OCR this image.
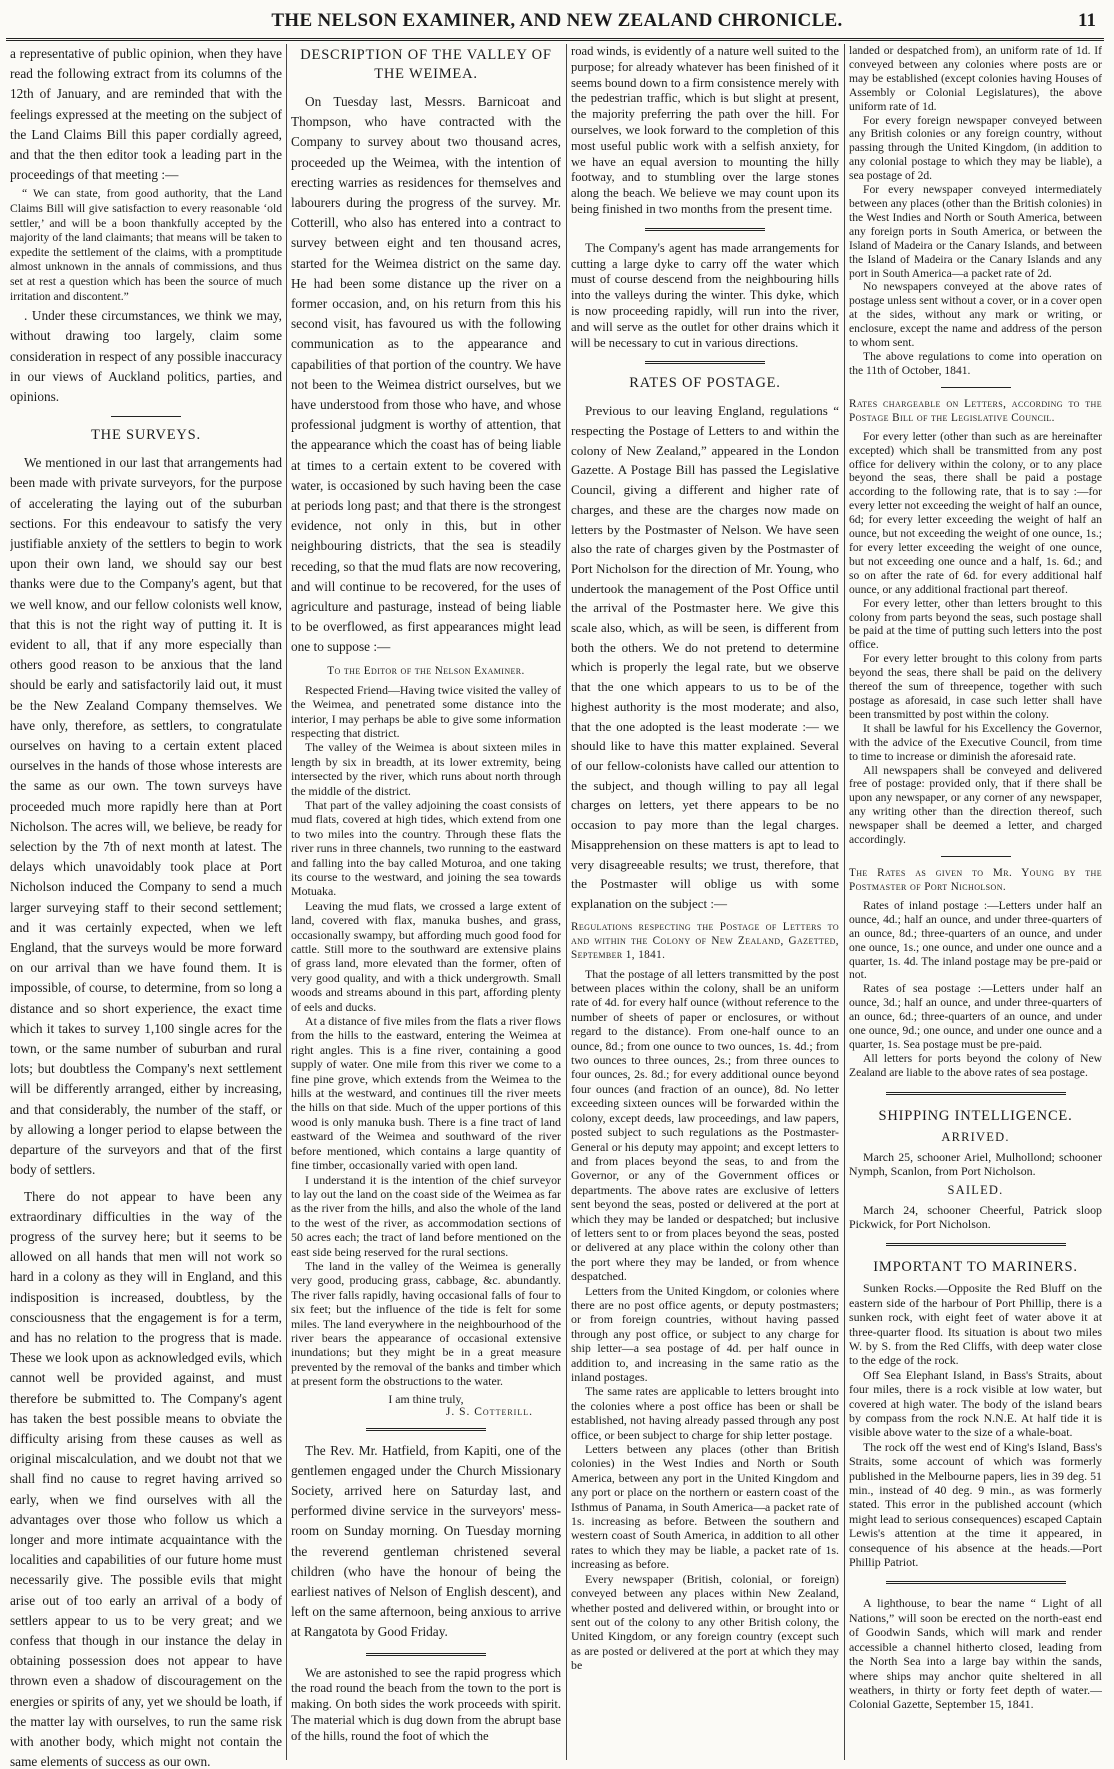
THE NELSON EXAMINER, AND NEW ZEALAND CHRONICLE.	11

a representative of public opinion, when they have read the following extract from its columns of the 12th of January, and are reminded that with the feelings expressed at the meeting on the subject of the Land Claims Bill this paper cordially agreed, and that the then editor took a leading part in the proceedings of that meeting :—

“ We can state, from good authority, that the Land Claims Bill will give satisfaction to every reasonable ‘old settler,’ and will be a boon thankfully accepted by the majority of the land claimants; that means will be taken to expedite the settlement of the claims, with a promptitude almost unknown in the annals of commissions, and thus set at rest a question which has been the source of much irritation and discontent.”

. Under these circumstances, we think we may, without drawing too largely, claim some consideration in respect of any possible inaccuracy in our views of Auckland politics, parties, and opinions.

THE SURVEYS.

We mentioned in our last that arrangements had been made with private surveyors, for the purpose of accelerating the laying out of the suburban sections. For this endeavour to satisfy the very justifiable anxiety of the settlers to begin to work upon their own land, we should say our best thanks were due to the Company's agent, but that we well know, and our fellow colonists well know, that this is not the right way of putting it. It is evident to all, that if any more especially than others good reason to be anxious that the land should be early and satisfactorily laid out, it must be the New Zealand Company themselves. We have only, therefore, as settlers, to congratulate ourselves on having to a certain extent placed ourselves in the hands of those whose interests are the same as our own. The town surveys have proceeded much more rapidly here than at Port Nicholson. The acres will, we believe, be ready for selection by the 7th of next month at latest. The delays which unavoidably took place at Port Nicholson induced the Company to send a much larger surveying staff to their second settlement; and it was certainly expected, when we left England, that the surveys would be more forward on our arrival than we have found them. It is impossible, of course, to determine, from so long a distance and so short experience, the exact time which it takes to survey 1,100 single acres for the town, or the same number of suburban and rural lots; but doubtless the Company's next settlement will be differently arranged, either by increasing, and that considerably, the number of the staff, or by allowing a longer period to elapse between the departure of the surveyors and that of the first body of settlers.

There do not appear to have been any extraordinary difficulties in the way of the progress of the survey here; but it seems to be allowed on all hands that men will not work so hard in a colony as they will in England, and this indisposition is increased, doubtless, by the consciousness that the engagement is for a term, and has no relation to the progress that is made. These we look upon as acknowledged evils, which cannot well be provided against, and must therefore be submitted to. The Company's agent has taken the best possible means to obviate the difficulty arising from these causes as well as original miscalculation, and we doubt not that we shall find no cause to regret having arrived so early, when we find ourselves with all the advantages over those who follow us which a longer and more intimate acquaintance with the localities and capabilities of our future home must necessarily give. The possible evils that might arise out of too early an arrival of a body of settlers appear to us to be very great; and we confess that though in our instance the delay in obtaining possession does not appear to have thrown even a shadow of discouragement on the energies or spirits of any, yet we should be loath, if the matter lay with ourselves, to run the same risk with another body, which might not contain the same elements of success as our own.

DESCRIPTION OF THE VALLEY OF THE WEIMEA.

On Tuesday last, Messrs. Barnicoat and Thompson, who have contracted with the Company to survey about two thousand acres, proceeded up the Weimea, with the intention of erecting warries as residences for themselves and labourers during the progress of the survey. Mr. Cotterill, who also has entered into a contract to survey between eight and ten thousand acres, started for the Weimea district on the same day. He had been some distance up the river on a former occasion, and, on his return from this his second visit, has favoured us with the following communication as to the appearance and capabilities of that portion of the country. We have not been to the Weimea district ourselves, but we have understood from those who have, and whose professional judgment is worthy of attention, that the appearance which the coast has of being liable at times to a certain extent to be covered with water, is occasioned by such having been the case at periods long past; and that there is the strongest evidence, not only in this, but in other neighbouring districts, that the sea is steadily receding, so that the mud flats are now recovering, and will continue to be recovered, for the uses of agriculture and pasturage, instead of being liable to be overflowed, as first appearances might lead one to suppose :—

To the Editor of the Nelson Examiner.

Respected Friend—Having twice visited the valley of the Weimea, and penetrated some distance into the interior, I may perhaps be able to give some information respecting that district.

The valley of the Weimea is about sixteen miles in length by six in breadth, at its lower extremity, being intersected by the river, which runs about north through the middle of the district.

That part of the valley adjoining the coast consists of mud flats, covered at high tides, which extend from one to two miles into the country. Through these flats the river runs in three channels, two running to the eastward and falling into the bay called Moturoa, and one taking its course to the westward, and joining the sea towards Motuaka.

Leaving the mud flats, we crossed a large extent of land, covered with flax, manuka bushes, and grass, occasionally swampy, but affording much good food for cattle. Still more to the southward are extensive plains of grass land, more elevated than the former, often of very good quality, and with a thick undergrowth. Small woods and streams abound in this part, affording plenty of eels and ducks.

At a distance of five miles from the flats a river flows from the hills to the eastward, entering the Weimea at right angles. This is a fine river, containing a good supply of water. One mile from this river we come to a fine pine grove, which extends from the Weimea to the hills at the westward, and continues till the river meets the hills on that side. Much of the upper portions of this wood is only manuka bush. There is a fine tract of land eastward of the Weimea and southward of the river before mentioned, which contains a large quantity of fine timber, occasionally varied with open land.

I understand it is the intention of the chief surveyor to lay out the land on the coast side of the Weimea as far as the river from the hills, and also the whole of the land to the west of the river, as accommodation sections of 50 acres each; the tract of land before mentioned on the east side being reserved for the rural sections.

The land in the valley of the Weimea is generally very good, producing grass, cabbage, &c. abundantly. The river falls rapidly, having occasional falls of four to six feet; but the influence of the tide is felt for some miles. The land everywhere in the neighbourhood of the river bears the appearance of occasional extensive inundations; but they might be in a great measure prevented by the removal of the banks and timber which at present form the obstructions to the water.

I am thine truly,
J. S. Cotterill.

The Rev. Mr. Hatfield, from Kapiti, one of the gentlemen engaged under the Church Missionary Society, arrived here on Saturday last, and performed divine service in the surveyors' mess-room on Sunday morning. On Tuesday morning the reverend gentleman christened several children (who have the honour of being the earliest natives of Nelson of English descent), and left on the same afternoon, being anxious to arrive at Rangatota by Good Friday.

We are astonished to see the rapid progress which the road round the beach from the town to the port is making. On both sides the work proceeds with spirit. The material which is dug down from the abrupt base of the hills, round the foot of which the

road winds, is evidently of a nature well suited to the purpose; for already whatever has been finished of it seems bound down to a firm consistence merely with the pedestrian traffic, which is but slight at present, the majority preferring the path over the hill. For ourselves, we look forward to the completion of this most useful public work with a selfish anxiety, for we have an equal aversion to mounting the hilly footway, and to stumbling over the large stones along the beach. We believe we may count upon its being finished in two months from the present time.

The Company's agent has made arrangements for cutting a large dyke to carry off the water which must of course descend from the neighbouring hills into the valleys during the winter. This dyke, which is now proceeding rapidly, will run into the river, and will serve as the outlet for other drains which it will be necessary to cut in various directions.

RATES OF POSTAGE.

Previous to our leaving England, regulations “ respecting the Postage of Letters to and within the colony of New Zealand,” appeared in the London Gazette. A Postage Bill has passed the Legislative Council, giving a different and higher rate of charges, and these are the charges now made on letters by the Postmaster of Nelson. We have seen also the rate of charges given by the Postmaster of Port Nicholson for the direction of Mr. Young, who undertook the management of the Post Office until the arrival of the Postmaster here. We give this scale also, which, as will be seen, is different from both the others. We do not pretend to determine which is properly the legal rate, but we observe that the one which appears to us to be of the highest authority is the most moderate; and also, that the one adopted is the least moderate :— we should like to have this matter explained. Several of our fellow-colonists have called our attention to the subject, and though willing to pay all legal charges on letters, yet there appears to be no occasion to pay more than the legal charges. Misapprehension on these matters is apt to lead to very disagreeable results; we trust, therefore, that the Postmaster will oblige us with some explanation on the subject :—

Regulations respecting the Postage of Letters to and within the Colony of New Zealand, Gazetted, September 1, 1841.

That the postage of all letters transmitted by the post between places within the colony, shall be an uniform rate of 4d. for every half ounce (without reference to the number of sheets of paper or enclosures, or without regard to the distance). From one-half ounce to an ounce, 8d.; from one ounce to two ounces, 1s. 4d.; from two ounces to three ounces, 2s.; from three ounces to four ounces, 2s. 8d.; for every additional ounce beyond four ounces (and fraction of an ounce), 8d. No letter exceeding sixteen ounces will be forwarded within the colony, except deeds, law proceedings, and law papers, posted subject to such regulations as the Postmaster-General or his deputy may appoint; and except letters to and from places beyond the seas, to and from the Governor, or any of the Government offices or departments. The above rates are exclusive of letters sent beyond the seas, posted or delivered at the port at which they may be landed or despatched; but inclusive of letters sent to or from places beyond the seas, posted or delivered at any place within the colony other than the port where they may be landed, or from whence despatched.

Letters from the United Kingdom, or colonies where there are no post office agents, or deputy postmasters; or from foreign countries, without having passed through any post office, or subject to any charge for ship letter—a sea postage of 4d. per half ounce in addition to, and increasing in the same ratio as the inland postages.

The same rates are applicable to letters brought into the colonies where a post office has been or shall be established, not having already passed through any post office, or been subject to charge for ship letter postage.

Letters between any places (other than British colonies) in the West Indies and North or South America, between any port in the United Kingdom and any port or place on the northern or eastern coast of the Isthmus of Panama, in South America—a packet rate of 1s. increasing as before. Between the southern and western coast of South America, in addition to all other rates to which they may be liable, a packet rate of 1s. increasing as before.

Every newspaper (British, colonial, or foreign) conveyed between any places within New Zealand, whether posted and delivered within, or brought into or sent out of the colony to any other British colony, the United Kingdom, or any foreign country (except such as are posted or delivered at the port at which they may be

landed or despatched from), an uniform rate of 1d. If conveyed between any colonies where posts are or may be established (except colonies having Houses of Assembly or Colonial Legislatures), the above uniform rate of 1d.

For every foreign newspaper conveyed between any British colonies or any foreign country, without passing through the United Kingdom, (in addition to any colonial postage to which they may be liable), a sea postage of 2d.

For every newspaper conveyed intermediately between any places (other than the British colonies) in the West Indies and North or South America, between any foreign ports in South America, or between the Island of Madeira or the Canary Islands, and between the Island of Madeira or the Canary Islands and any port in South America—a packet rate of 2d.

No newspapers conveyed at the above rates of postage unless sent without a cover, or in a cover open at the sides, without any mark or writing, or enclosure, except the name and address of the person to whom sent.

The above regulations to come into operation on the 11th of October, 1841.

Rates chargeable on Letters, according to the Postage Bill of the Legislative Council.

For every letter (other than such as are hereinafter excepted) which shall be transmitted from any post office for delivery within the colony, or to any place beyond the seas, there shall be paid a postage according to the following rate, that is to say :—for every letter not exceeding the weight of half an ounce, 6d; for every letter exceeding the weight of half an ounce, but not exceeding the weight of one ounce, 1s.; for every letter exceeding the weight of one ounce, but not exceeding one ounce and a half, 1s. 6d.; and so on after the rate of 6d. for every additional half ounce, or any additional fractional part thereof.

For every letter, other than letters brought to this colony from parts beyond the seas, such postage shall be paid at the time of putting such letters into the post office.

For every letter brought to this colony from parts beyond the seas, there shall be paid on the delivery thereof the sum of threepence, together with such postage as aforesaid, in case such letter shall have been transmitted by post within the colony.

It shall be lawful for his Excellency the Governor, with the advice of the Executive Council, from time to time to increase or diminish the aforesaid rate.

All newspapers shall be conveyed and delivered free of postage: provided only, that if there shall be upon any newspaper, or any corner of any newspaper, any writing other than the direction thereof, such newspaper shall be deemed a letter, and charged accordingly.

The Rates as given to Mr. Young by the Postmaster of Port Nicholson.

Rates of inland postage :—Letters under half an ounce, 4d.; half an ounce, and under three-quarters of an ounce, 8d.; three-quarters of an ounce, and under one ounce, 1s.; one ounce, and under one ounce and a quarter, 1s. 4d. The inland postage may be pre-paid or not.

Rates of sea postage :—Letters under half an ounce, 3d.; half an ounce, and under three-quarters of an ounce, 6d.; three-quarters of an ounce, and under one ounce, 9d.; one ounce, and under one ounce and a quarter, 1s. Sea postage must be pre-paid.

All letters for ports beyond the colony of New Zealand are liable to the above rates of sea postage.

SHIPPING INTELLIGENCE.
ARRIVED.

March 25, schooner Ariel, Mulhollond; schooner Nymph, Scanlon, from Port Nicholson.

SAILED.

March 24, schooner Cheerful, Patrick sloop Pickwick, for Port Nicholson.

IMPORTANT TO MARINERS.

Sunken Rocks.—Opposite the Red Bluff on the eastern side of the harbour of Port Phillip, there is a sunken rock, with eight feet of water above it at three-quarter flood. Its situation is about two miles W. by S. from the Red Cliffs, with deep water close to the edge of the rock.

Off Sea Elephant Island, in Bass's Straits, about four miles, there is a rock visible at low water, but covered at high water. The body of the island bears by compass from the rock N.N.E. At half tide it is visible above water to the size of a whale-boat.

The rock off the west end of King's Island, Bass's Straits, some account of which was formerly published in the Melbourne papers, lies in 39 deg. 51 min., instead of 40 deg. 9 min., as was formerly stated. This error in the published account (which might lead to serious consequences) escaped Captain Lewis's attention at the time it appeared, in consequence of his absence at the heads.—Port Phillip Patriot.

A lighthouse, to bear the name “ Light of all Nations,” will soon be erected on the north-east end of Goodwin Sands, which will mark and render accessible a channel hitherto closed, leading from the North Sea into a large bay within the sands, where ships may anchor quite sheltered in all weathers, in thirty or forty feet depth of water.—Colonial Gazette, September 15, 1841.
